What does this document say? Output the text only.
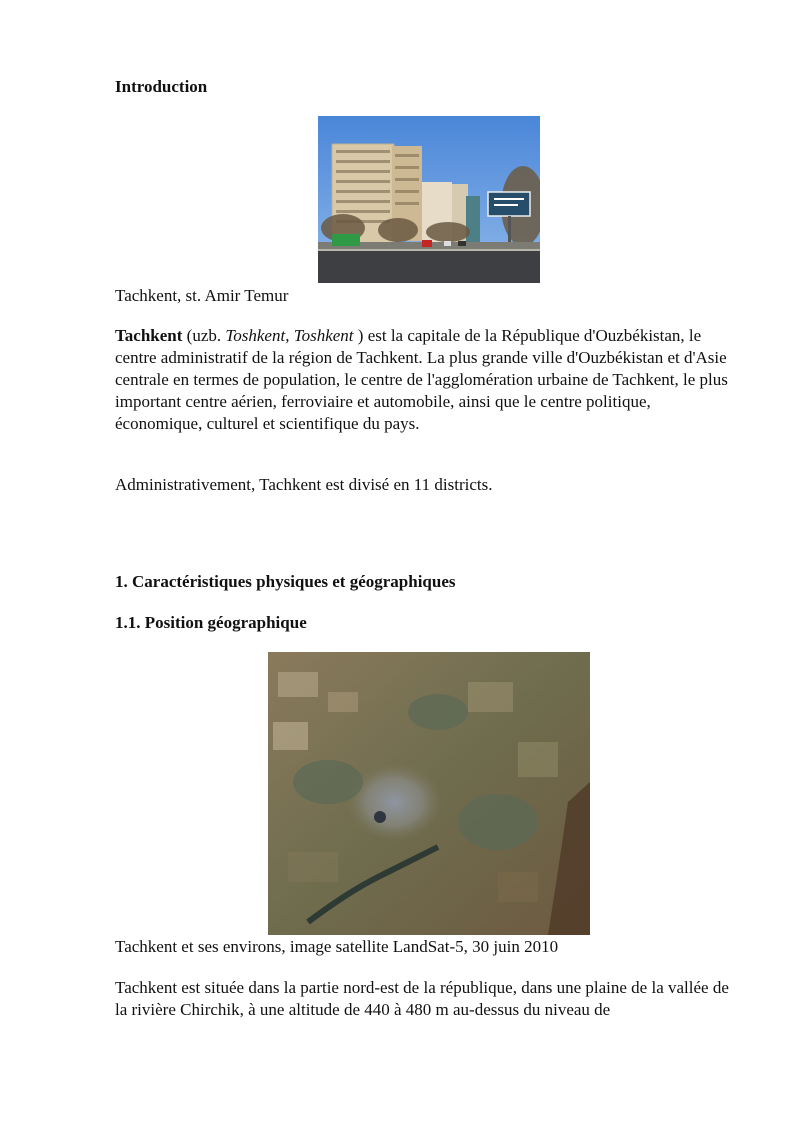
Introduction
Tachkent, st. Amir Temur
Tachkent (uzb. Toshkent, Toshkent ) est la capitale de la République d'Ouzbékistan, le centre administratif de la région de Tachkent. La plus grande ville d'Ouzbékistan et d'Asie centrale en termes de population, le centre de l'agglomération urbaine de Tachkent, le plus important centre aérien, ferroviaire et automobile, ainsi que le centre politique, économique, culturel et scientifique du pays.
Administrativement, Tachkent est divisé en 11 districts.
1. Caractéristiques physiques et géographiques
1.1. Position géographique
Tachkent et ses environs, image satellite LandSat-5, 30 juin 2010
Tachkent est située dans la partie nord-est de la république, dans une plaine de la vallée de la rivière Chirchik, à une altitude de 440 à 480 m au-dessus du niveau de
